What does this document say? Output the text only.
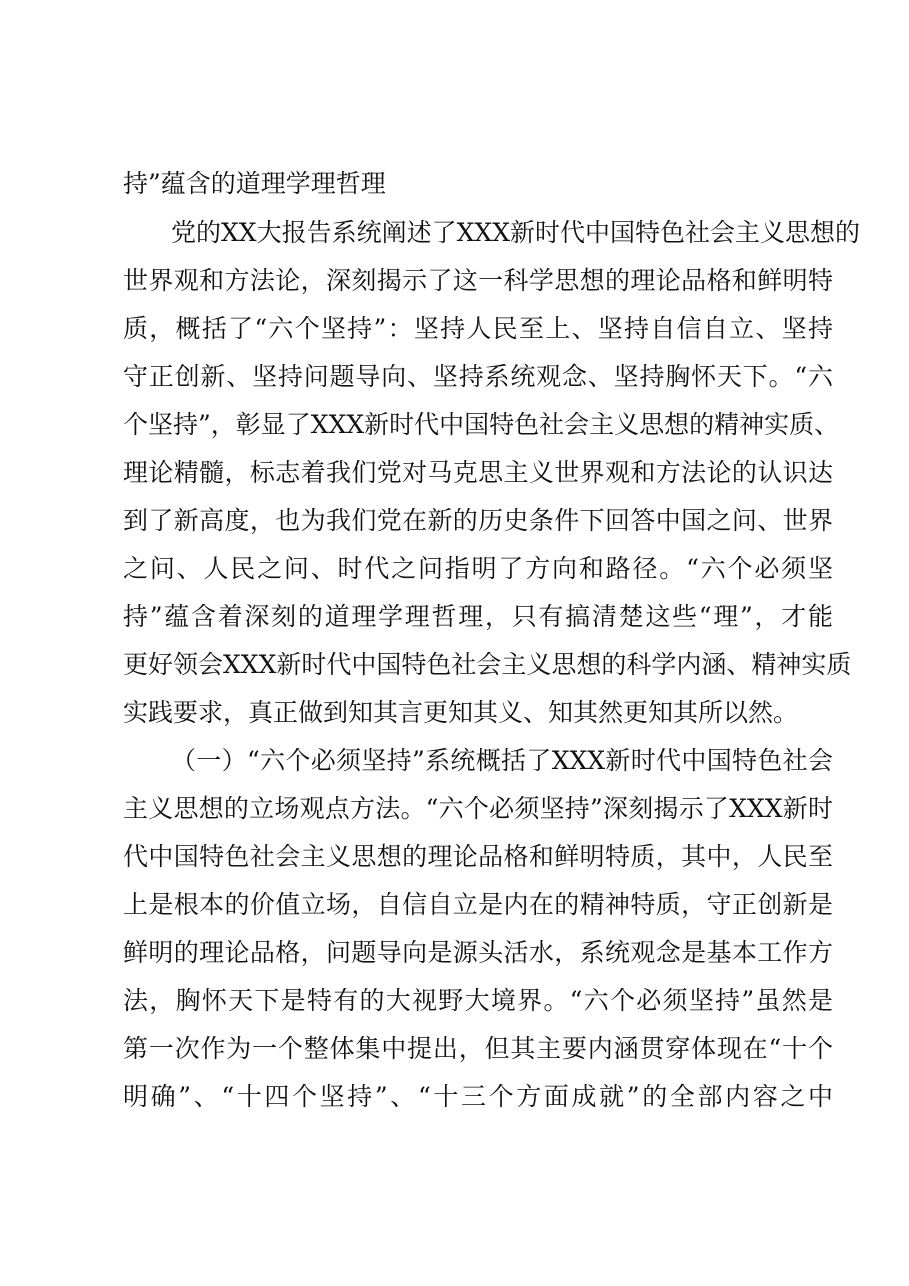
持”蕴含的道理学理哲理
党的XX大报告系统阐述了XXX新时代中国特色社会主义思想的
世界观和方法论，深刻揭示了这一科学思想的理论品格和鲜明特
质，概括了“六个坚持”：坚持人民至上、坚持自信自立、坚持
守正创新、坚持问题导向、坚持系统观念、坚持胸怀天下。“六
个坚持”，彰显了XXX新时代中国特色社会主义思想的精神实质、
理论精髓，标志着我们党对马克思主义世界观和方法论的认识达
到了新高度，也为我们党在新的历史条件下回答中国之问、世界
之问、人民之问、时代之问指明了方向和路径。“六个必须坚
持”蕴含着深刻的道理学理哲理，只有搞清楚这些“理”，才能
更好领会XXX新时代中国特色社会主义思想的科学内涵、精神实质
实践要求，真正做到知其言更知其义、知其然更知其所以然。
（一）“六个必须坚持”系统概括了XXX新时代中国特色社会
主义思想的立场观点方法。“六个必须坚持”深刻揭示了XXX新时
代中国特色社会主义思想的理论品格和鲜明特质，其中，人民至
上是根本的价值立场，自信自立是内在的精神特质，守正创新是
鲜明的理论品格，问题导向是源头活水，系统观念是基本工作方
法，胸怀天下是特有的大视野大境界。“六个必须坚持”虽然是
第一次作为一个整体集中提出，但其主要内涵贯穿体现在“十个
明确”、“十四个坚持”、“十三个方面成就”的全部内容之中
